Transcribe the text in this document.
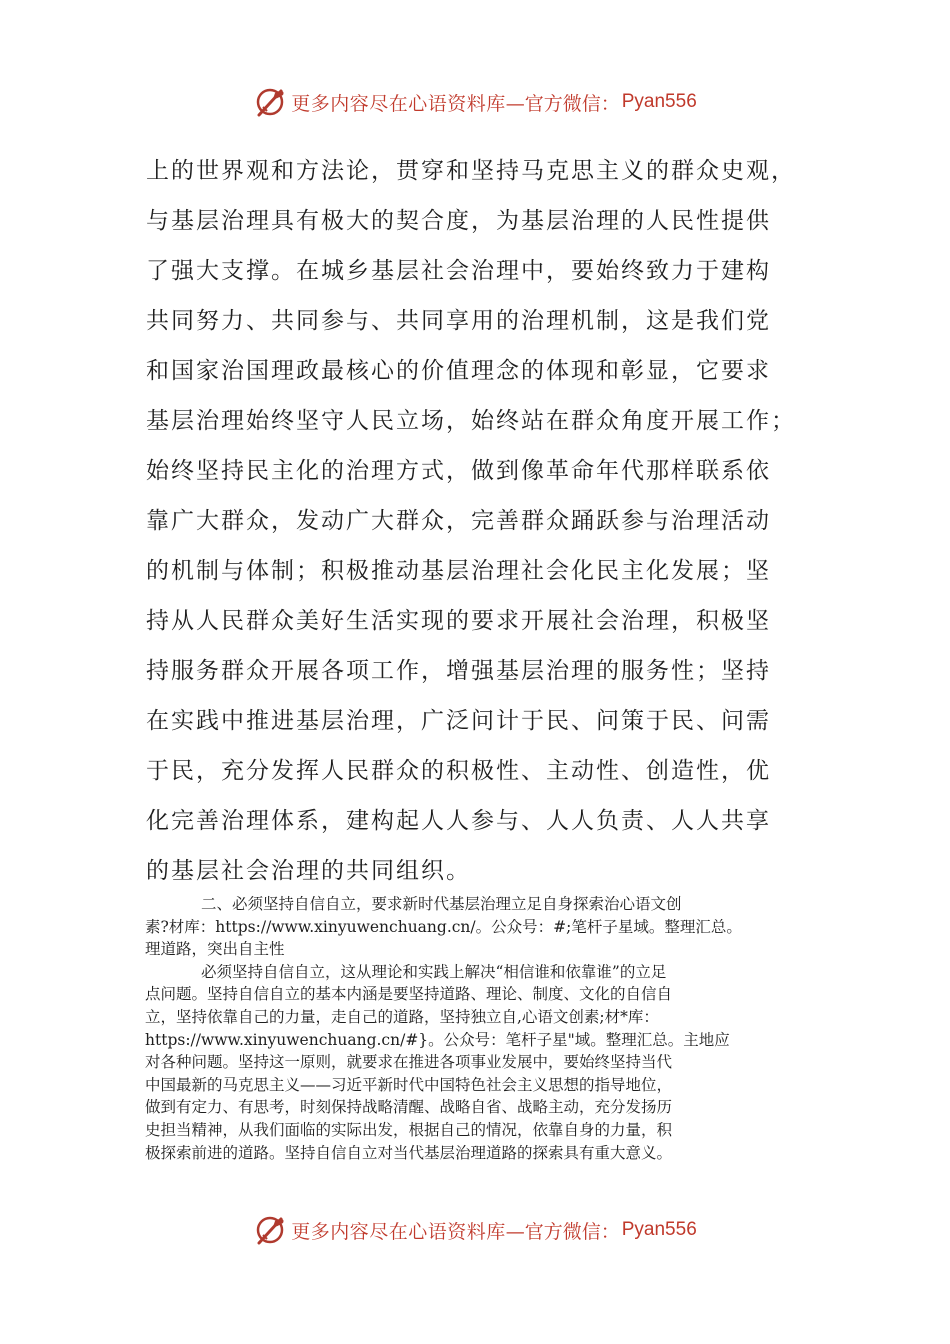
更多内容尽在心语资料库 —官方微信： Pyan556
上的世界观和方法论，贯穿和坚持马克思主义的群众史观，
与基层治理具有极大的契合度，为基层治理的人民性提供
了强大支撑。在城乡基层社会治理中，要始终致力于建构
共同努力、共同参与、共同享用的治理机制，这是我们党
和国家治国理政最核心的价值理念的体现和彰显，它要求
基层治理始终坚守人民立场，始终站在群众角度开展工作；
始终坚持民主化的治理方式，做到像革命年代那样联系依
靠广大群众，发动广大群众，完善群众踊跃参与治理活动
的机制与体制；积极推动基层治理社会化民主化发展；坚
持从人民群众美好生活实现的要求开展社会治理，积极坚
持服务群众开展各项工作，增强基层治理的服务性；坚持
在实践中推进基层治理，广泛问计于民、问策于民、问需
于民，充分发挥人民群众的积极性、主动性、创造性，优
化完善治理体系，建构起人人参与、人人负责、人人共享
的基层社会治理的共同组织。
二、必须坚持自信自立，要求新时代基层治理立足自身探索治心语文创
素?材库：https://www.xinyuwenchuang.cn/。公众号：#;笔杆子星域。整理汇总。
理道路，突出自主性
必须坚持自信自立，这从理论和实践上解决“相信谁和依靠谁”的立足
点问题。坚持自信自立的基本内涵是要坚持道路、理论、制度、文化的自信自
立，坚持依靠自己的力量，走自己的道路，坚持独立自,心语文创素;材*库：
https://www.xinyuwenchuang.cn/#}。公众号：笔杆子星"域。整理汇总。主地应
对各种问题。坚持这一原则，就要求在推进各项事业发展中，要始终坚持当代
中国最新的马克思主义——习近平新时代中国特色社会主义思想的指导地位，
做到有定力、有思考，时刻保持战略清醒、战略自省、战略主动，充分发扬历
史担当精神，从我们面临的实际出发，根据自己的情况，依靠自身的力量，积
极探索前进的道路。坚持自信自立对当代基层治理道路的探索具有重大意义。
更多内容尽在心语资料库 —官方微信： Pyan556
